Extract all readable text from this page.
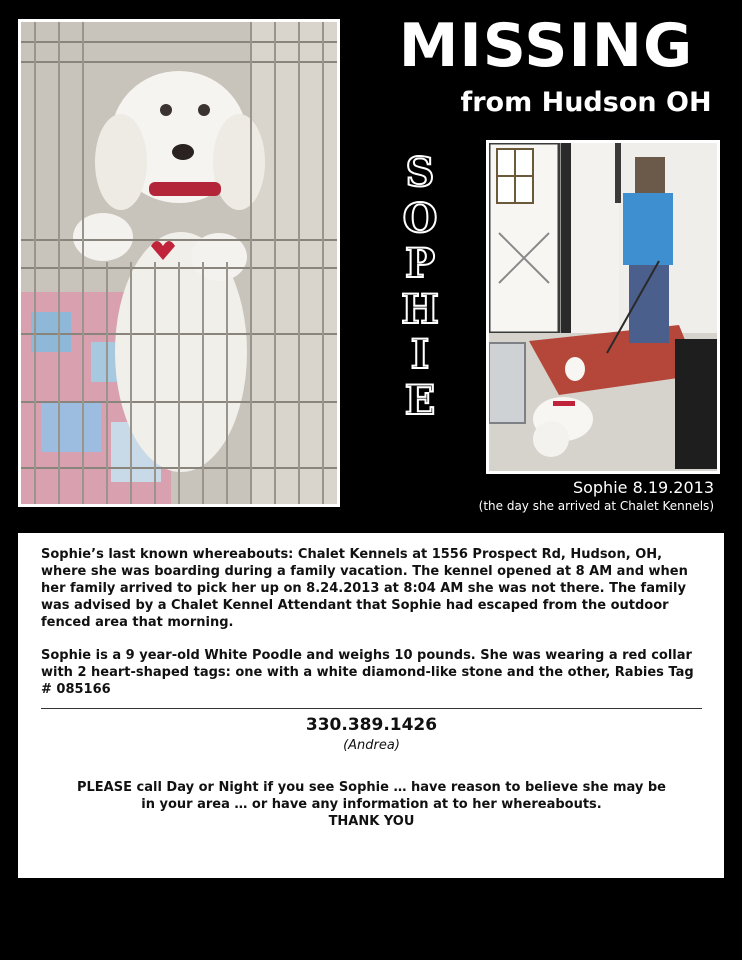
MISSING
from Hudson OH
S
O
P
H
I
E
Sophie 8.19.2013
(the day she arrived at Chalet Kennels)

Sophie’s last known whereabouts: Chalet Kennels at 1556 Prospect Rd, Hudson, OH, where she was boarding during a family vacation. The kennel opened at 8 AM and when her family arrived to pick her up on 8.24.2013 at 8:04 AM she was not there. The family was advised by a Chalet Kennel Attendant that Sophie had escaped from the outdoor fenced area that morning.

Sophie is a 9 year-old White Poodle and weighs 10 pounds. She was wearing a red collar with 2 heart-shaped tags: one with a white diamond-like stone and the other, Rabies Tag # 085166

330.389.1426
(Andrea)
PLEASE call Day or Night if you see Sophie … have reason to believe she may be
in your area … or have any information at to her whereabouts.
THANK YOU
